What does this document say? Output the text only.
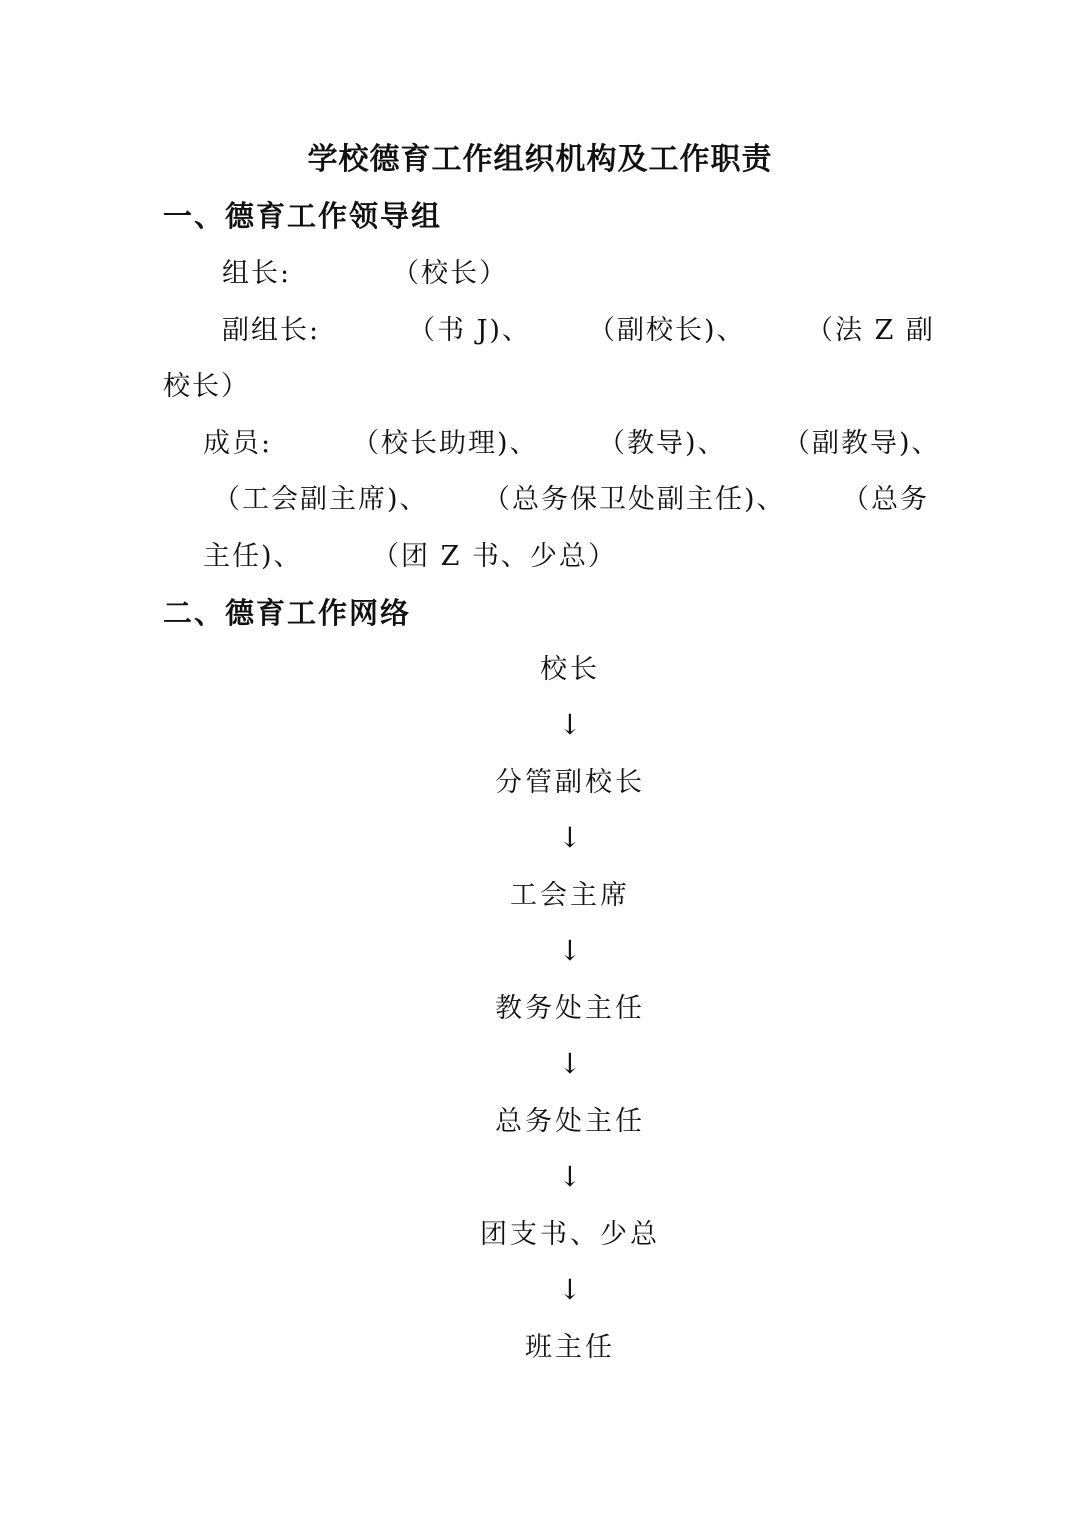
学校德育工作组织机构及工作职责
一、德育工作领导组
组长:	（校长）
副组长:	（书 J)、 （副校长)、 （法 Z 副
校长）
成员:	（校长助理)、 （教导)、 （副教导)、
（工会副主席)、 （总务保卫处副主任)、 （总务
主任)、	（团 Z 书、少总）
二、德育工作网络
校长
↓
分管副校长
↓
工会主席
↓
教务处主任
↓
总务处主任
↓
团支书、少总
↓
班主任
